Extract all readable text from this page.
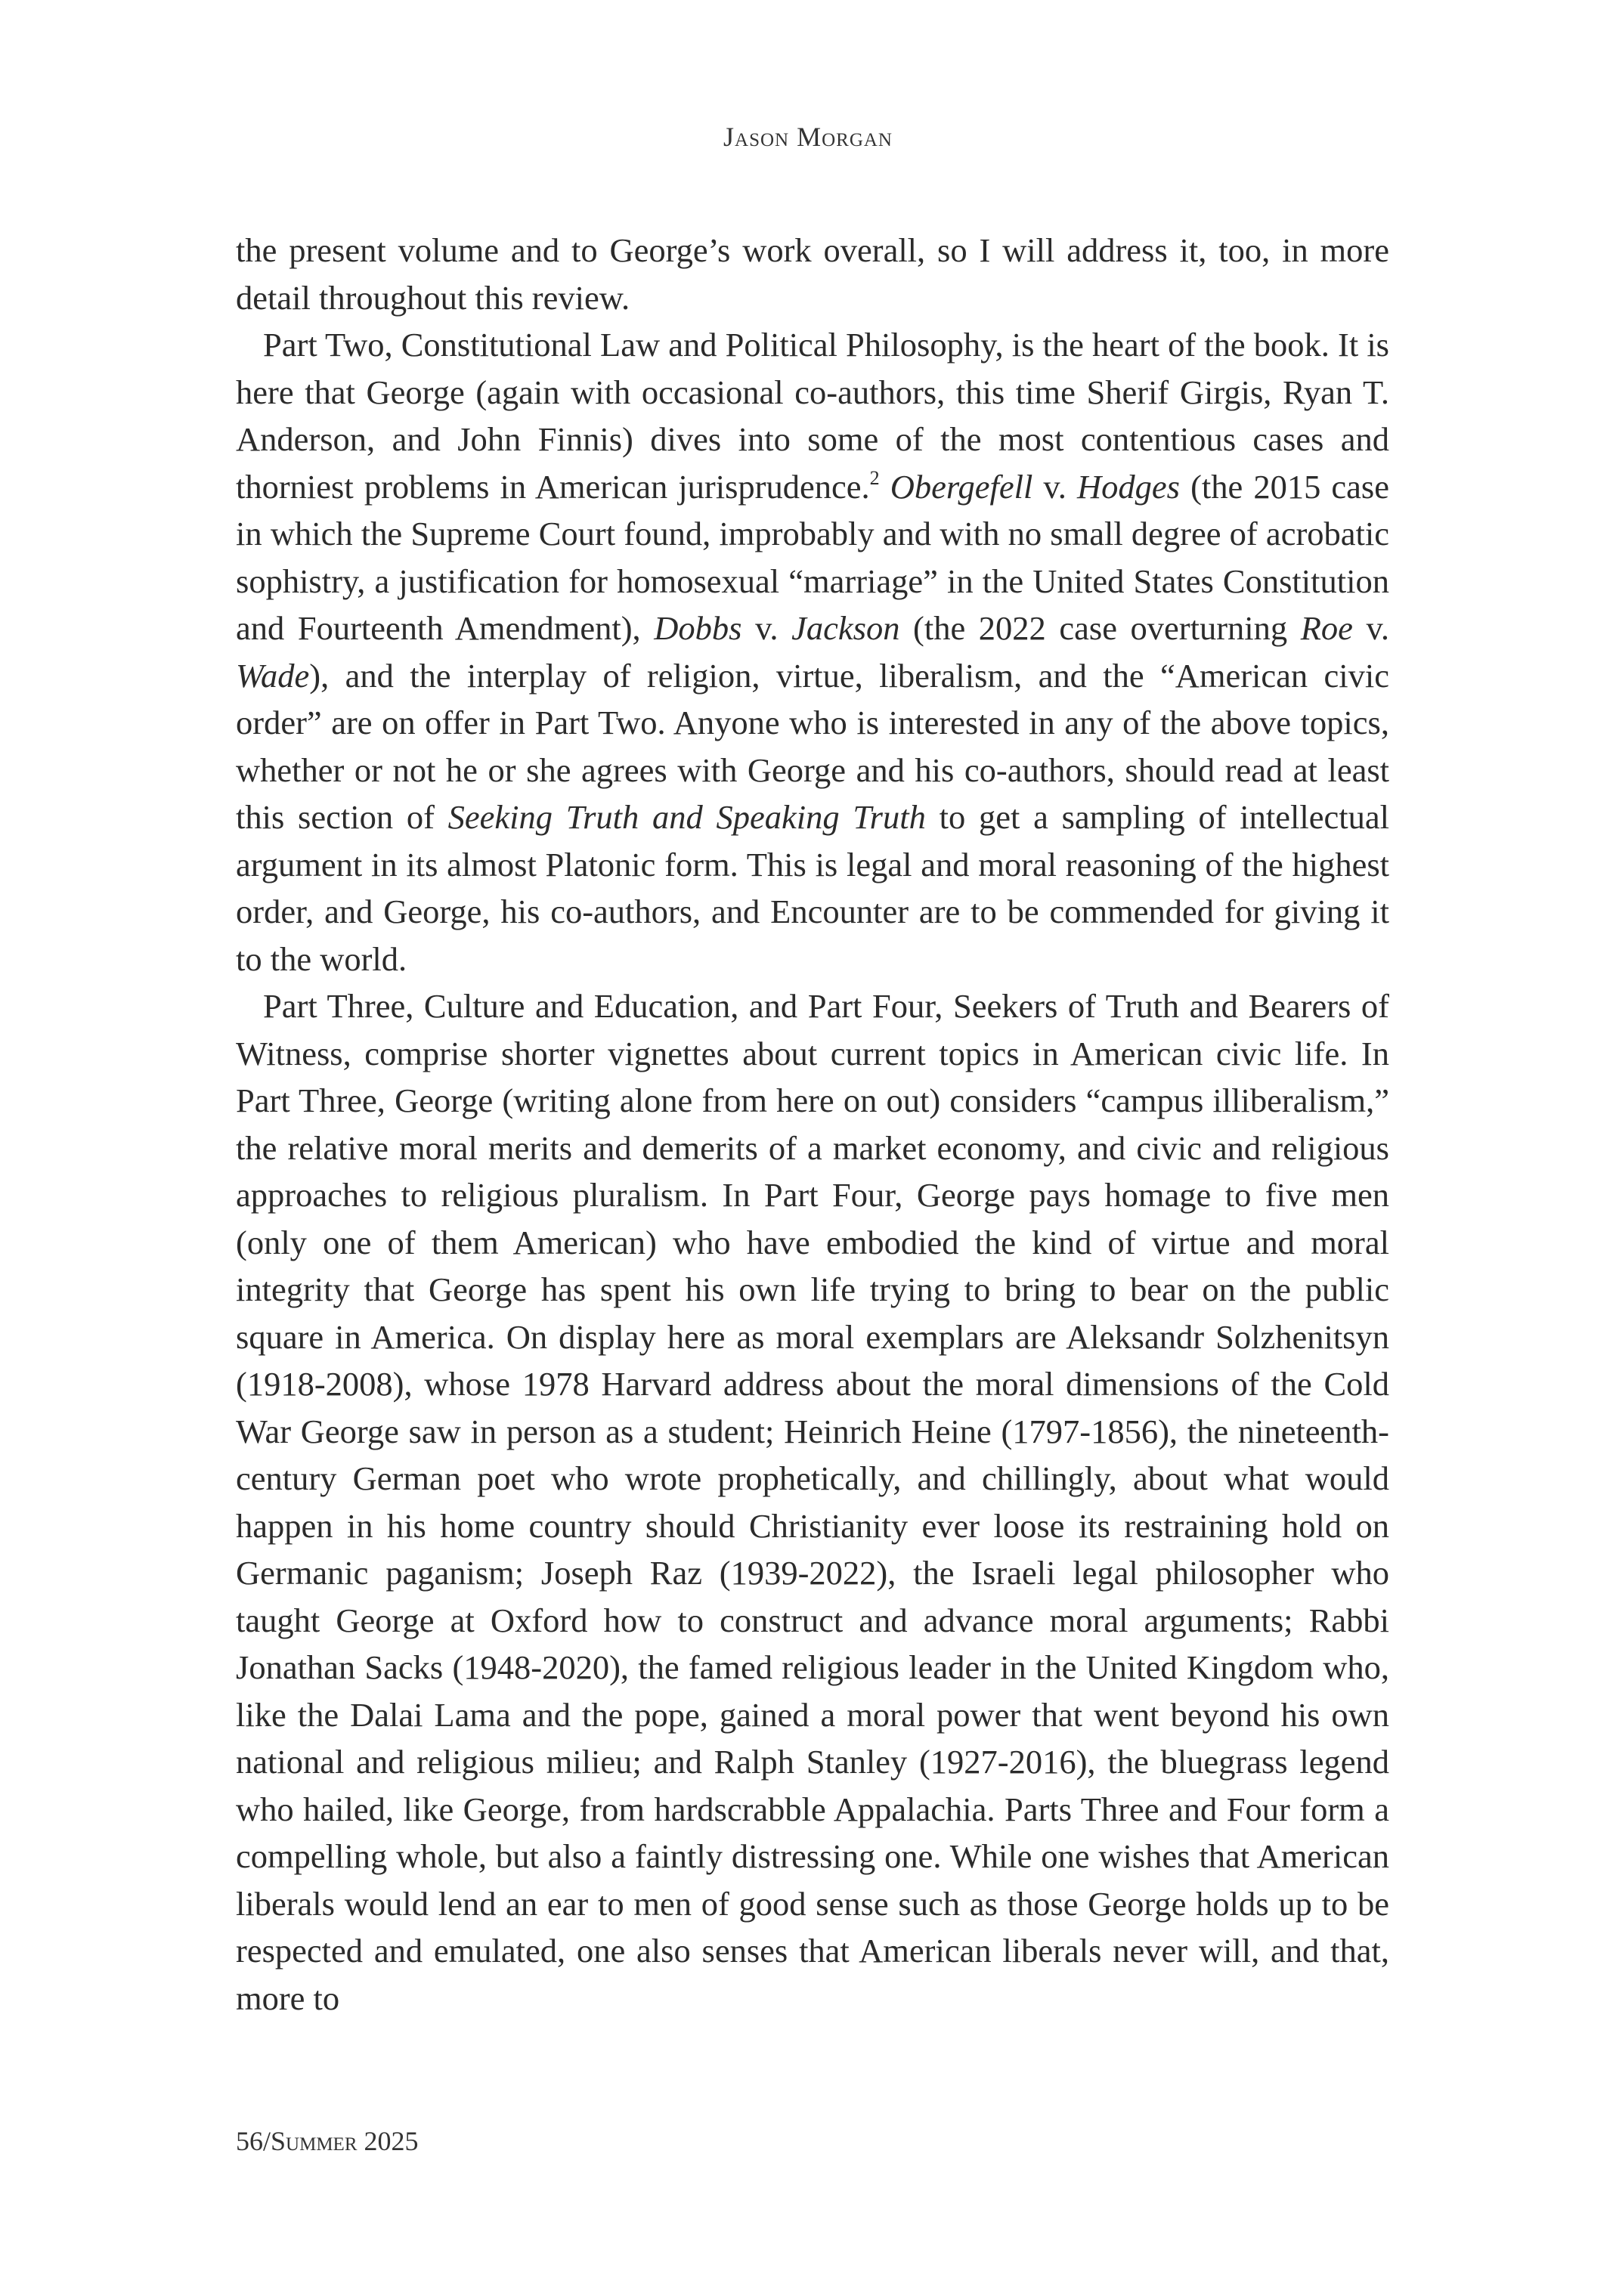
Jason Morgan

the present volume and to George’s work overall, so I will address it, too, in more detail throughout this review.

Part Two, Constitutional Law and Political Philosophy, is the heart of the book. It is here that George (again with occasional co-authors, this time Sherif Girgis, Ryan T. Anderson, and John Finnis) dives into some of the most contentious cases and thorniest problems in American jurisprudence.$^2$ Obergefell v. Hodges (the 2015 case in which the Supreme Court found, improbably and with no small degree of acrobatic sophistry, a justification for homosexual “marriage” in the United States Constitution and Fourteenth Amendment), Dobbs v. Jackson (the 2022 case overturning Roe v. Wade), and the interplay of religion, virtue, liberalism, and the “American civic order” are on offer in Part Two. Anyone who is interested in any of the above topics, whether or not he or she agrees with George and his co-authors, should read at least this section of Seeking Truth and Speaking Truth to get a sampling of intellectual argument in its almost Platonic form. This is legal and moral reasoning of the highest order, and George, his co-authors, and Encounter are to be commended for giving it to the world.

Part Three, Culture and Education, and Part Four, Seekers of Truth and Bearers of Witness, comprise shorter vignettes about current topics in American civic life. In Part Three, George (writing alone from here on out) considers “campus illiberalism,” the relative moral merits and demerits of a market economy, and civic and religious approaches to religious pluralism. In Part Four, George pays homage to five men (only one of them American) who have embodied the kind of virtue and moral integrity that George has spent his own life trying to bring to bear on the public square in America. On display here as moral exemplars are Aleksandr Solzhenitsyn (1918-2008), whose 1978 Harvard address about the moral dimensions of the Cold War George saw in person as a student; Heinrich Heine (1797-1856), the nineteenth-century German poet who wrote prophetically, and chillingly, about what would happen in his home country should Christianity ever loose its restraining hold on Germanic paganism; Joseph Raz (1939-2022), the Israeli legal philosopher who taught George at Oxford how to construct and advance moral arguments; Rabbi Jonathan Sacks (1948-2020), the famed religious leader in the United Kingdom who, like the Dalai Lama and the pope, gained a moral power that went beyond his own national and religious milieu; and Ralph Stanley (1927-2016), the bluegrass legend who hailed, like George, from hardscrabble Appalachia. Parts Three and Four form a compelling whole, but also a faintly distressing one. While one wishes that American liberals would lend an ear to men of good sense such as those George holds up to be respected and emulated, one also senses that American liberals never will, and that, more to

56/Summer 2025
